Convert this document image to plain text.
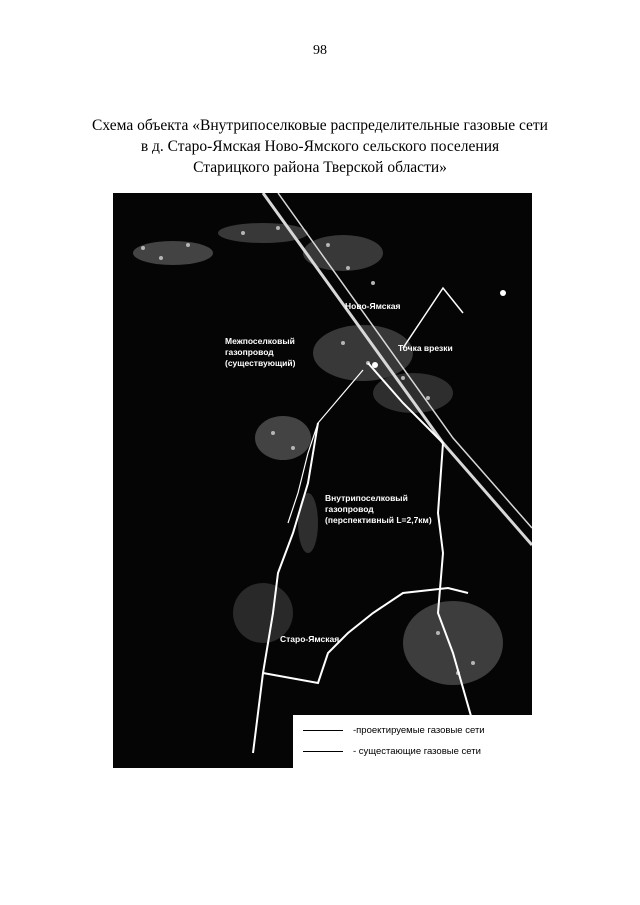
98
Схема объекта «Внутрипоселковые распределительные газовые сети
в д. Старо-Ямская Ново-Ямского сельского поселения
Старицкого района Тверской области»
Ново-Ямская
Точка врезки
Межпоселковый
газопровод
(существующий)
Внутрипоселковый
газопровод
(перспективный L=2,7км)
Старо-Ямская
-проектируемые газовые сети
- сущестающие газовые сети
